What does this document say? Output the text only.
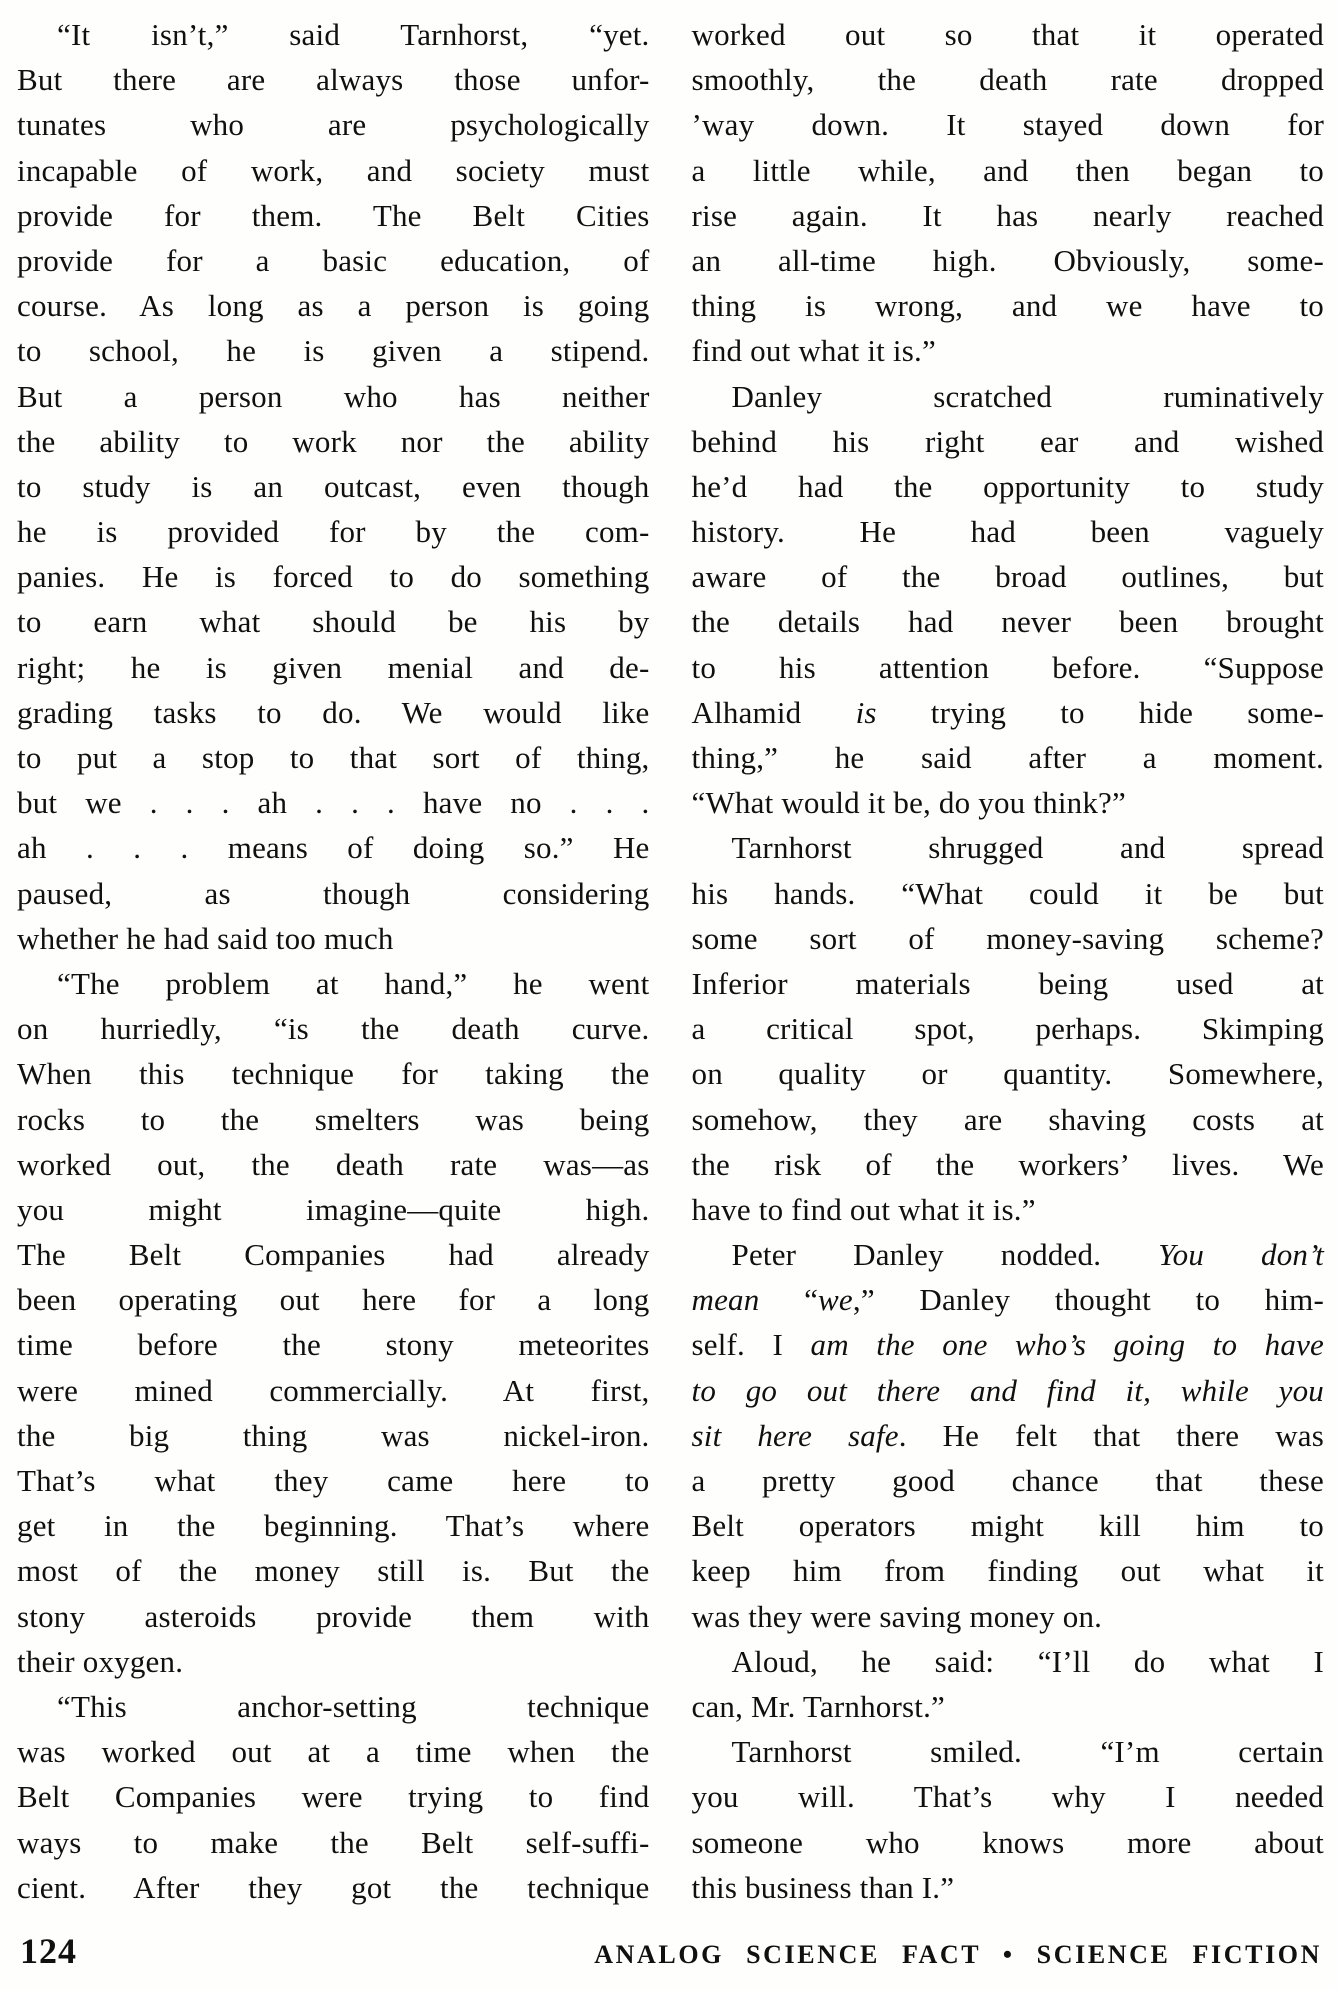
“It isn’t,” said Tarnhorst, “yet.
But there are always those unfor-
tunates who are psychologically
incapable of work, and society must
provide for them. The Belt Cities
provide for a basic education, of
course. As long as a person is going
to school, he is given a stipend.
But a person who has neither
the ability to work nor the ability
to study is an outcast, even though
he is provided for by the com-
panies. He is forced to do something
to earn what should be his by
right; he is given menial and de-
grading tasks to do. We would like
to put a stop to that sort of thing,
but we . . . ah . . . have no . . .
ah . . . means of doing so.” He
paused, as though considering
whether he had said too much
“The problem at hand,” he went
on hurriedly, “is the death curve.
When this technique for taking the
rocks to the smelters was being
worked out, the death rate was—as
you might imagine—quite high.
The Belt Companies had already
been operating out here for a long
time before the stony meteorites
were mined commercially. At first,
the big thing was nickel-iron.
That’s what they came here to
get in the beginning. That’s where
most of the money still is. But the
stony asteroids provide them with
their oxygen.
“This anchor-setting technique
was worked out at a time when the
Belt Companies were trying to find
ways to make the Belt self-suffi-
cient. After they got the technique
worked out so that it operated
smoothly, the death rate dropped
’way down. It stayed down for
a little while, and then began to
rise again. It has nearly reached
an all-time high. Obviously, some-
thing is wrong, and we have to
find out what it is.”
Danley scratched ruminatively
behind his right ear and wished
he’d had the opportunity to study
history. He had been vaguely
aware of the broad outlines, but
the details had never been brought
to his attention before. “Suppose
Alhamid is trying to hide some-
thing,” he said after a moment.
“What would it be, do you think?”
Tarnhorst shrugged and spread
his hands. “What could it be but
some sort of money-saving scheme?
Inferior materials being used at
a critical spot, perhaps. Skimping
on quality or quantity. Somewhere,
somehow, they are shaving costs at
the risk of the workers’ lives. We
have to find out what it is.”
Peter Danley nodded. You don’t
mean “we,” Danley thought to him-
self. I am the one who’s going to have
to go out there and find it, while you
sit here safe. He felt that there was
a pretty good chance that these
Belt operators might kill him to
keep him from finding out what it
was they were saving money on.
Aloud, he said: “I’ll do what I
can, Mr. Tarnhorst.”
Tarnhorst smiled. “I’m certain
you will. That’s why I needed
someone who knows more about
this business than I.”
124	ANALOG SCIENCE FACT • SCIENCE FICTION
